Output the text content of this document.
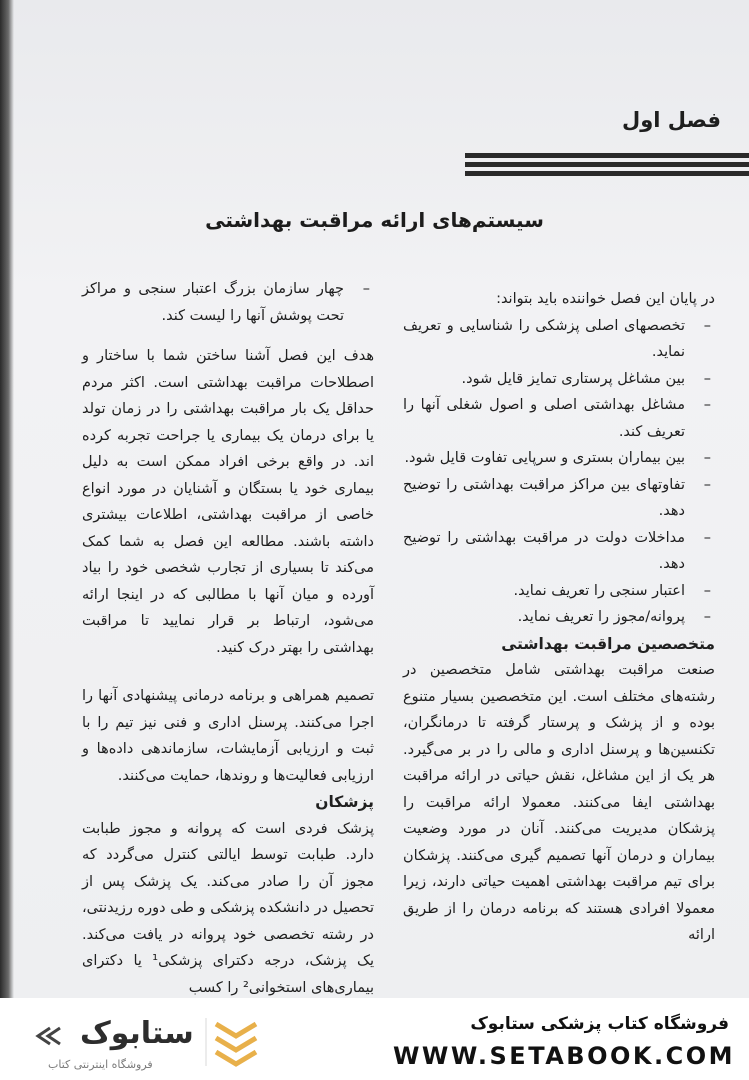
فصل اول
سیستم‌های ارائه مراقبت بهداشتی

در پایان این فصل خواننده باید بتواند:

–
تخصصهای اصلی پزشکی را شناسایی و تعریف نماید.
–
بین مشاغل پرستاری تمایز قایل شود.
–
مشاغل بهداشتی اصلی و اصول شغلی آنها را تعریف کند.
–
بین بیماران بستری و سرپایی تفاوت قایل شود.
–
تفاوتهای بین مراکز مراقبت بهداشتی را توضیح دهد.
–
مداخلات دولت در مراقبت بهداشتی را توضیح دهد.
–
اعتبار سنجی را تعریف نماید.
–
پروانه/مجوز را تعریف نماید.

متخصصین مراقبت بهداشتی

صنعت مراقبت بهداشتی شامل متخصصین در رشته‌های مختلف است. این متخصصین بسیار متنوع بوده و از پزشک و پرستار گرفته تا درمانگران، تکنسین‌ها و پرسنل اداری و مالی را در بر می‌گیرد. هر یک از این مشاغل، نقش حیاتی در ارائه مراقبت بهداشتی ایفا می‌کنند. معمولا ارائه مراقبت را پزشکان مدیریت می‌کنند. آنان در مورد وضعیت بیماران و درمان آنها تصمیم گیری می‌کنند. پزشکان برای تیم مراقبت بهداشتی اهمیت حیاتی دارند، زیرا معمولا افرادی هستند که برنامه درمان را از طریق ارائه

–
چهار سازمان بزرگ اعتبار سنجی و مراکز تحت پوشش آنها را لیست کند.

هدف این فصل آشنا ساختن شما با ساختار و اصطلاحات مراقبت بهداشتی است. اکثر مردم حداقل یک بار مراقبت بهداشتی را در زمان تولد یا برای درمان یک بیماری یا جراحت تجربه کرده اند. در واقع برخی افراد ممکن است به دلیل بیماری خود یا بستگان و آشنایان در مورد انواع خاصی از مراقبت بهداشتی، اطلاعات بیشتری داشته باشند. مطالعه این فصل به شما کمک می‌کند تا بسیاری از تجارب شخصی خود را بیاد آورده و میان آنها با مطالبی که در اینجا ارائه می‌شود، ارتباط بر قرار نمایید تا مراقبت بهداشتی را بهتر درک کنید.

تصمیم همراهی و برنامه درمانی پیشنهادی آنها را اجرا می‌کنند. پرسنل اداری و فنی نیز تیم را با ثبت و ارزیابی آزمایشات، سازماندهی داده‌ها و ارزیابی فعالیت‌ها و روندها، حمایت می‌کنند.

پزشکان

پزشک فردی است که پروانه و مجوز طبابت دارد. طبابت توسط ایالتی کنترل می‌گردد که مجوز آن را صادر می‌کند. یک پزشک پس از تحصیل در دانشکده پزشکی و طی دوره رزیدنتی، در رشته تخصصی خود پروانه در یافت می‌کند. یک پزشک، درجه دکترای پزشکی¹ یا دکترای بیماری‌های استخوانی² را کسب

ستابوک
فروشگاه اینترنتی کتاب
فروشگاه کتاب پزشکی ستابوک
WWW.SETABOOK.COM
